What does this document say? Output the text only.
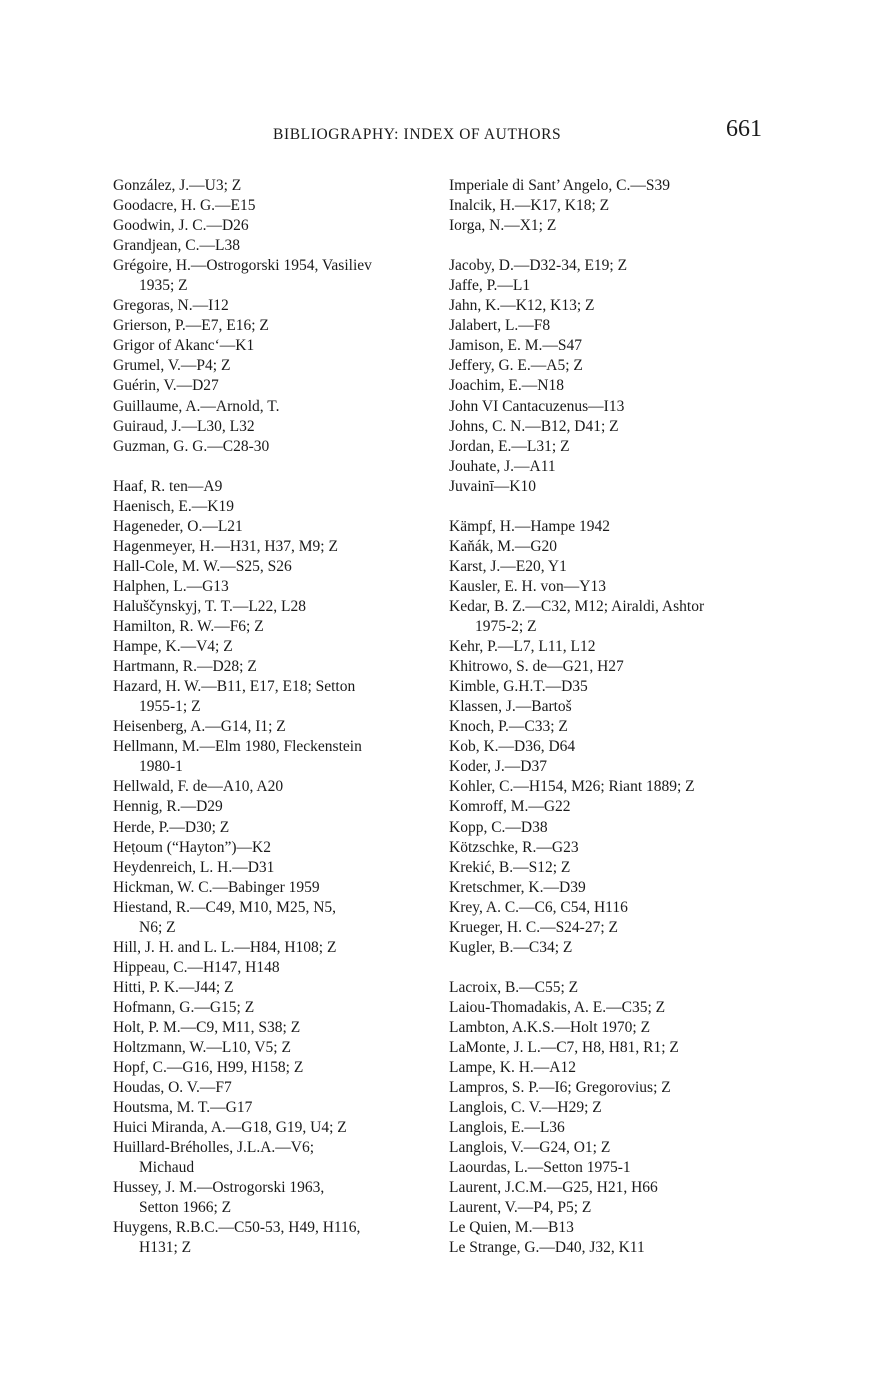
BIBLIOGRAPHY: INDEX OF AUTHORS	661
González, J.—U3; Z
Goodacre, H. G.—E15
Goodwin, J. C.—D26
Grandjean, C.—L38
Grégoire, H.—Ostrogorski 1954, Vasiliev
1935; Z
Gregoras, N.—I12
Grierson, P.—E7, E16; Z
Grigor of Akanc‘—K1
Grumel, V.—P4; Z
Guérin, V.—D27
Guillaume, A.—Arnold, T.
Guiraud, J.—L30, L32
Guzman, G. G.—C28-30
Haaf, R. ten—A9
Haenisch, E.—K19
Hageneder, O.—L21
Hagenmeyer, H.—H31, H37, M9; Z
Hall-Cole, M. W.—S25, S26
Halphen, L.—G13
Haluščynskyj, T. T.—L22, L28
Hamilton, R. W.—F6; Z
Hampe, K.—V4; Z
Hartmann, R.—D28; Z
Hazard, H. W.—B11, E17, E18; Setton
1955-1; Z
Heisenberg, A.—G14, I1; Z
Hellmann, M.—Elm 1980, Fleckenstein
1980-1
Hellwald, F. de—A10, A20
Hennig, R.—D29
Herde, P.—D30; Z
Heṭoum (“Hayton”)—K2
Heydenreich, L. H.—D31
Hickman, W. C.—Babinger 1959
Hiestand, R.—C49, M10, M25, N5,
N6; Z
Hill, J. H. and L. L.—H84, H108; Z
Hippeau, C.—H147, H148
Hitti, P. K.—J44; Z
Hofmann, G.—G15; Z
Holt, P. M.—C9, M11, S38; Z
Holtzmann, W.—L10, V5; Z
Hopf, C.—G16, H99, H158; Z
Houdas, O. V.—F7
Houtsma, M. T.—G17
Huici Miranda, A.—G18, G19, U4; Z
Huillard-Bréholles, J.L.A.—V6;
Michaud
Hussey, J. M.—Ostrogorski 1963,
Setton 1966; Z
Huygens, R.B.C.—C50-53, H49, H116,
H131; Z
Imperiale di Sant’ Angelo, C.—S39
Inalcik, H.—K17, K18; Z
Iorga, N.—X1; Z
Jacoby, D.—D32-34, E19; Z
Jaffe, P.—L1
Jahn, K.—K12, K13; Z
Jalabert, L.—F8
Jamison, E. M.—S47
Jeffery, G. E.—A5; Z
Joachim, E.—N18
John VI Cantacuzenus—I13
Johns, C. N.—B12, D41; Z
Jordan, E.—L31; Z
Jouhate, J.—A11
Juvainī—K10
Kämpf, H.—Hampe 1942
Kaňák, M.—G20
Karst, J.—E20, Y1
Kausler, E. H. von—Y13
Kedar, B. Z.—C32, M12; Airaldi, Ashtor
1975-2; Z
Kehr, P.—L7, L11, L12
Khitrowo, S. de—G21, H27
Kimble, G.H.T.—D35
Klassen, J.—Bartoš
Knoch, P.—C33; Z
Kob, K.—D36, D64
Koder, J.—D37
Kohler, C.—H154, M26; Riant 1889; Z
Komroff, M.—G22
Kopp, C.—D38
Kötzschke, R.—G23
Krekić, B.—S12; Z
Kretschmer, K.—D39
Krey, A. C.—C6, C54, H116
Krueger, H. C.—S24-27; Z
Kugler, B.—C34; Z
Lacroix, B.—C55; Z
Laiou-Thomadakis, A. E.—C35; Z
Lambton, A.K.S.—Holt 1970; Z
LaMonte, J. L.—C7, H8, H81, R1; Z
Lampe, K. H.—A12
Lampros, S. P.—I6; Gregorovius; Z
Langlois, C. V.—H29; Z
Langlois, E.—L36
Langlois, V.—G24, O1; Z
Laourdas, L.—Setton 1975-1
Laurent, J.C.M.—G25, H21, H66
Laurent, V.—P4, P5; Z
Le Quien, M.—B13
Le Strange, G.—D40, J32, K11
